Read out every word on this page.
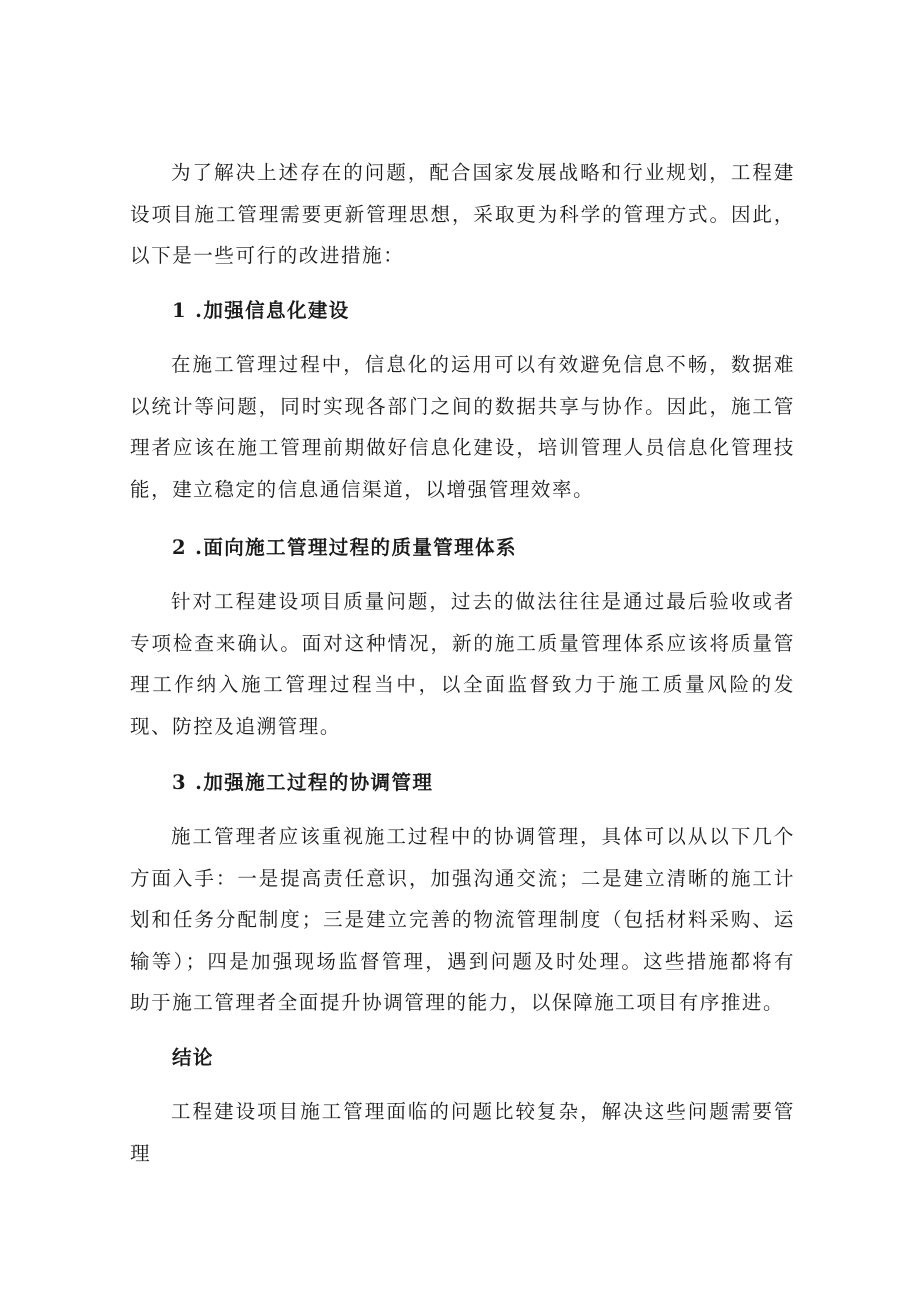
为了解决上述存在的问题，配合国家发展战略和行业规划，工程建设项目施工管理需要更新管理思想，采取更为科学的管理方式。因此，以下是一些可行的改进措施：

1 .加强信息化建设

在施工管理过程中，信息化的运用可以有效避免信息不畅，数据难以统计等问题，同时实现各部门之间的数据共享与协作。因此，施工管理者应该在施工管理前期做好信息化建设，培训管理人员信息化管理技能，建立稳定的信息通信渠道，以增强管理效率。

2 .面向施工管理过程的质量管理体系

针对工程建设项目质量问题，过去的做法往往是通过最后验收或者专项检查来确认。面对这种情况，新的施工质量管理体系应该将质量管理工作纳入施工管理过程当中，以全面监督致力于施工质量风险的发现、防控及追溯管理。

3 .加强施工过程的协调管理

施工管理者应该重视施工过程中的协调管理，具体可以从以下几个方面入手：一是提高责任意识，加强沟通交流；二是建立清晰的施工计划和任务分配制度；三是建立完善的物流管理制度（包括材料采购、运输等）；四是加强现场监督管理，遇到问题及时处理。这些措施都将有助于施工管理者全面提升协调管理的能力，以保障施工项目有序推进。

结论

工程建设项目施工管理面临的问题比较复杂，解决这些问题需要管理
